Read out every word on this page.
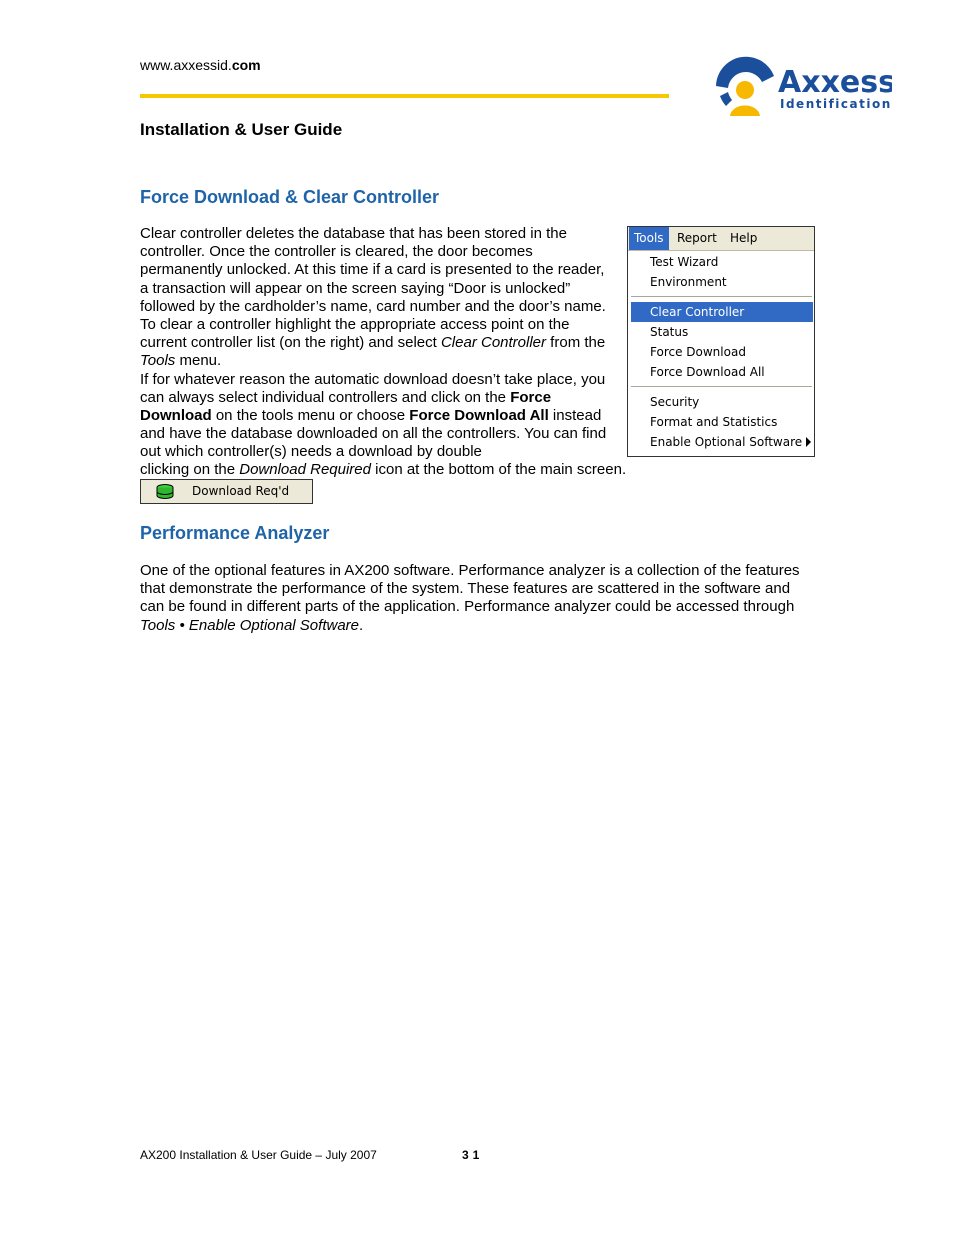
www.axxessid.com	Axxess
Identification
Installation & User Guide
Force Download & Clear Controller
Clear controller deletes the database that has been stored in the controller. Once the controller is cleared, the door becomes permanently unlocked. At this time if a card is presented to the reader, a transaction will appear on the screen saying “Door is unlocked” followed by the cardholder’s name, card number and the door’s name. To clear a controller highlight the appropriate access point on the current controller list (on the right) and select Clear Controller from the Tools menu.
If for whatever reason the automatic download doesn’t take place, you can always select individual controllers and click on the Force Download on the tools menu or choose Force Download All instead and have the database downloaded on all the controllers. You can find out which controller(s) needs a download by double
clicking on the Download Required icon at the bottom of the main screen.
Tools	Report	Help
Test Wizard
Environment
Clear Controller
Status
Force Download
Force Download All
Security
Format and Statistics
Enable Optional Software
Download Req'd
Performance Analyzer
One of the optional features in AX200 software. Performance analyzer is a collection of the features that demonstrate the performance of the system. These features are scattered in the software and can be found in different parts of the application. Performance analyzer could be accessed through Tools • Enable Optional Software.
AX200 Installation & User Guide – July 2007	31
